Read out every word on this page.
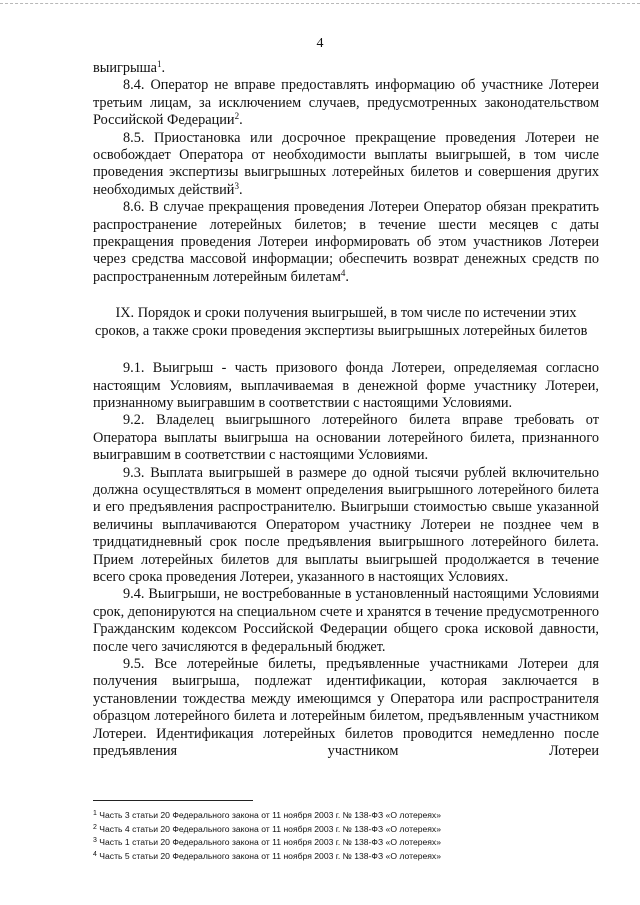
4

выигрыша$^1$.

8.4. Оператор не вправе предоставлять информацию об участнике Лотереи третьим лицам, за исключением случаев, предусмотренных законодательством Российской Федерации$^2$.

8.5. Приостановка или досрочное прекращение проведения Лотереи не освобождает Оператора от необходимости выплаты выигрышей, в том числе проведения экспертизы выигрышных лотерейных билетов и совершения других необходимых действий$^3$.

8.6. В случае прекращения проведения Лотереи Оператор обязан прекратить распространение лотерейных билетов; в течение шести месяцев с даты прекращения проведения Лотереи информировать об этом участников Лотереи через средства массовой информации; обеспечить возврат денежных средств по распространенным лотерейным билетам$^4$.

IX. Порядок и сроки получения выигрышей, в том числе по истечении этих сроков, а также сроки проведения экспертизы выигрышных лотерейных билетов

9.1. Выигрыш - часть призового фонда Лотереи, определяемая согласно настоящим Условиям, выплачиваемая в денежной форме участнику Лотереи, признанному выигравшим в соответствии с настоящими Условиями.

9.2. Владелец выигрышного лотерейного билета вправе требовать от Оператора выплаты выигрыша на основании лотерейного билета, признанного выигравшим в соответствии с настоящими Условиями.

9.3. Выплата выигрышей в размере до одной тысячи рублей включительно должна осуществляться в момент определения выигрышного лотерейного билета и его предъявления распространителю. Выигрыши стоимостью свыше указанной величины выплачиваются Оператором участнику Лотереи не позднее чем в тридцатидневный срок после предъявления выигрышного лотерейного билета. Прием лотерейных билетов для выплаты выигрышей продолжается в течение всего срока проведения Лотереи, указанного в настоящих Условиях.

9.4. Выигрыши, не востребованные в установленный настоящими Условиями срок, депонируются на специальном счете и хранятся в течение предусмотренного Гражданским кодексом Российской Федерации общего срока исковой давности, после чего зачисляются в федеральный бюджет.

9.5. Все лотерейные билеты, предъявленные участниками Лотереи для получения выигрыша, подлежат идентификации, которая заключается в установлении тождества между имеющимся у Оператора или распространителя образцом лотерейного билета и лотерейным билетом, предъявленным участником Лотереи. Идентификация лотерейных билетов проводится немедленно после предъявления участником Лотереи

$^1$ Часть 3 статьи 20 Федерального закона от 11 ноября 2003 г. № 138-ФЗ «О лотереях»
$^2$ Часть 4 статьи 20 Федерального закона от 11 ноября 2003 г. № 138-ФЗ «О лотереях»
$^3$ Часть 1 статьи 20 Федерального закона от 11 ноября 2003 г. № 138-ФЗ «О лотереях»
$^4$ Часть 5 статьи 20 Федерального закона от 11 ноября 2003 г. № 138-ФЗ «О лотереях»
